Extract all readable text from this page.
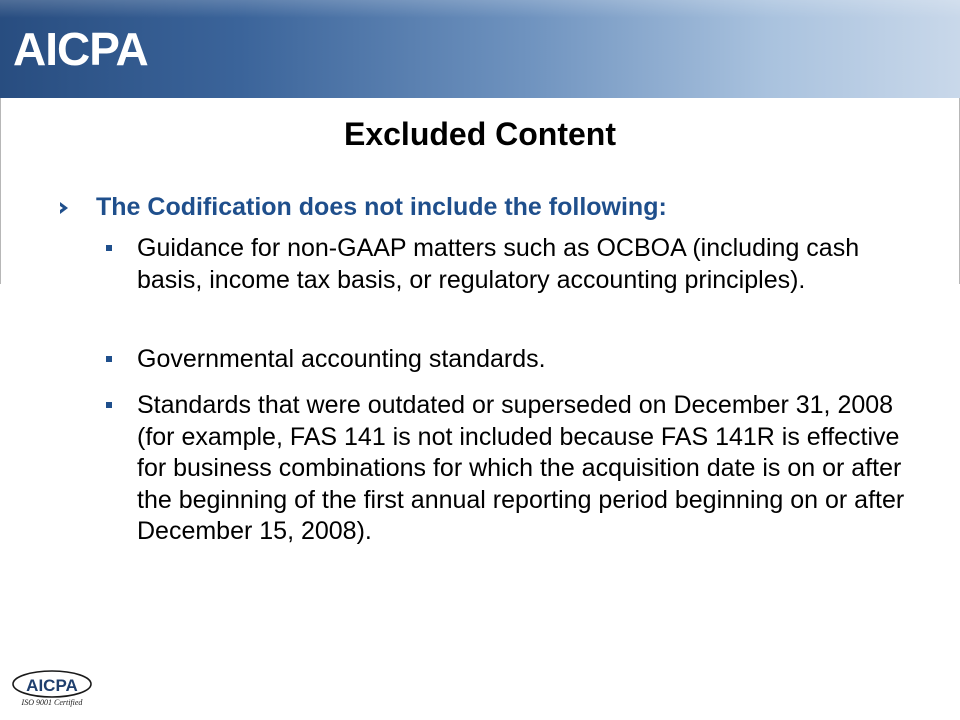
AICPA
Excluded Content
The Codification does not include the following:
Guidance for non-GAAP matters such as OCBOA (including cash basis, income tax basis, or regulatory accounting principles).
Governmental accounting standards.
Standards that were outdated or superseded on December 31, 2008 (for example, FAS 141 is not included because FAS 141R is effective for business combinations for which the acquisition date is on or after the beginning of the first annual reporting period beginning on or after December 15, 2008).
AICPA
ISO 9001 Certified
